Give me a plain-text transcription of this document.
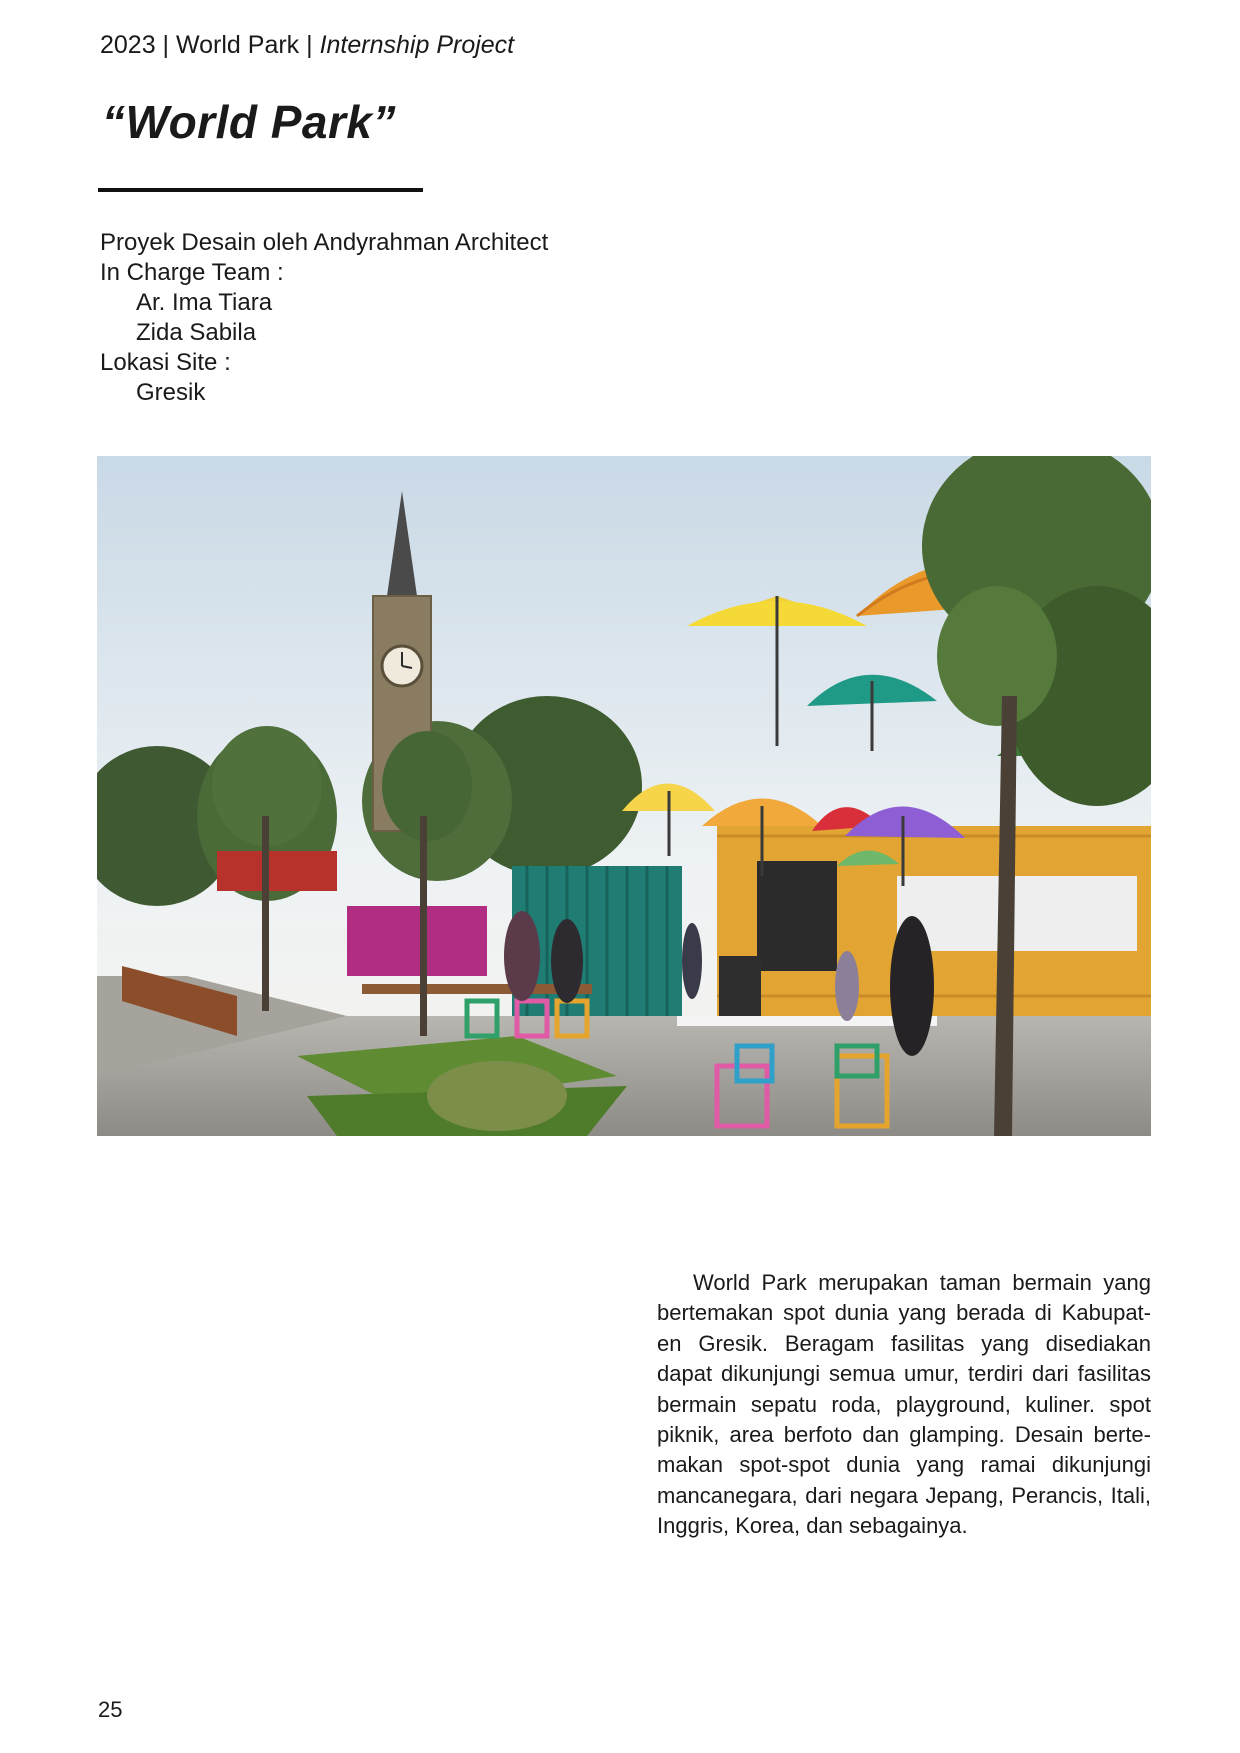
2023 | World Park | Internship Project
“World Park”
Proyek Desain oleh Andyrahman Architect
In Charge Team :
Ar. Ima Tiara
Zida Sabila
Lokasi Site :
Gresik
World Park merupakan taman bermain yang bertemakan spot dunia yang berada di Kabupat-en Gresik. Beragam fasilitas yang disediakan dapat dikunjungi semua umur, terdiri dari fasilitas bermain sepatu roda, playground, kuliner. spot piknik, area berfoto dan glamping. Desain berte-makan spot-spot dunia yang ramai dikunjungi mancanegara, dari negara Jepang, Perancis, Itali, Inggris, Korea, dan sebagainya.
25
